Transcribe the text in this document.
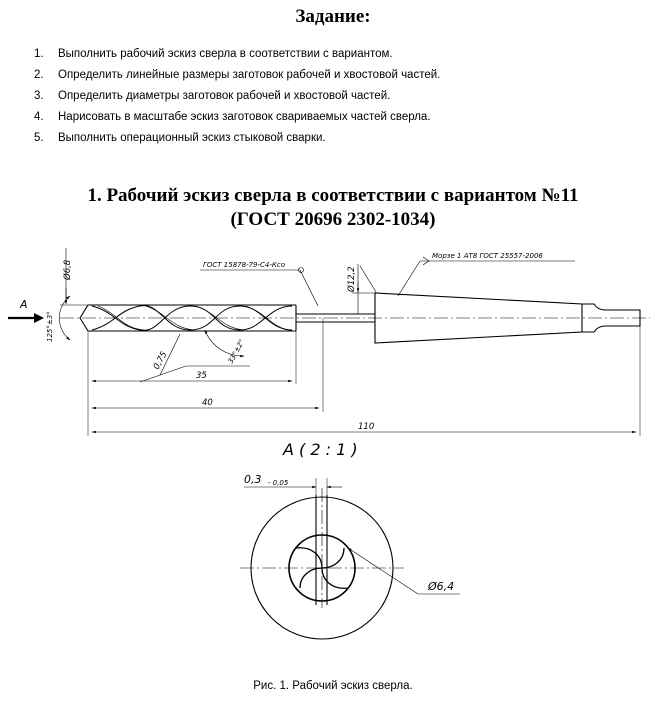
Задание:
1. Выполнить рабочий эскиз сверла в соответствии с вариантом.
2. Определить линейные размеры заготовок рабочей и хвостовой частей.
3. Определить диаметры заготовок рабочей и хвостовой частей.
4. Нарисовать в масштабе эскиз заготовок свариваемых частей сверла.
5. Выполнить операционный эскиз стыковой сварки.
1. Рабочий эскиз сверла в соответствии с вариантом №11
(ГОСТ 20696 2302-1034)
А
Ø6,8
125°±3°
ГОСТ 15878-79-С4-Ксо
Ø12,2
Морзе 1 АТ8 ГОСТ 25557-2006
0,75	33°±2°
35
40
110
А ( 2 : 1 )
0,3 - 0,05
Ø6,4
Рис. 1. Рабочий эскиз сверла.
